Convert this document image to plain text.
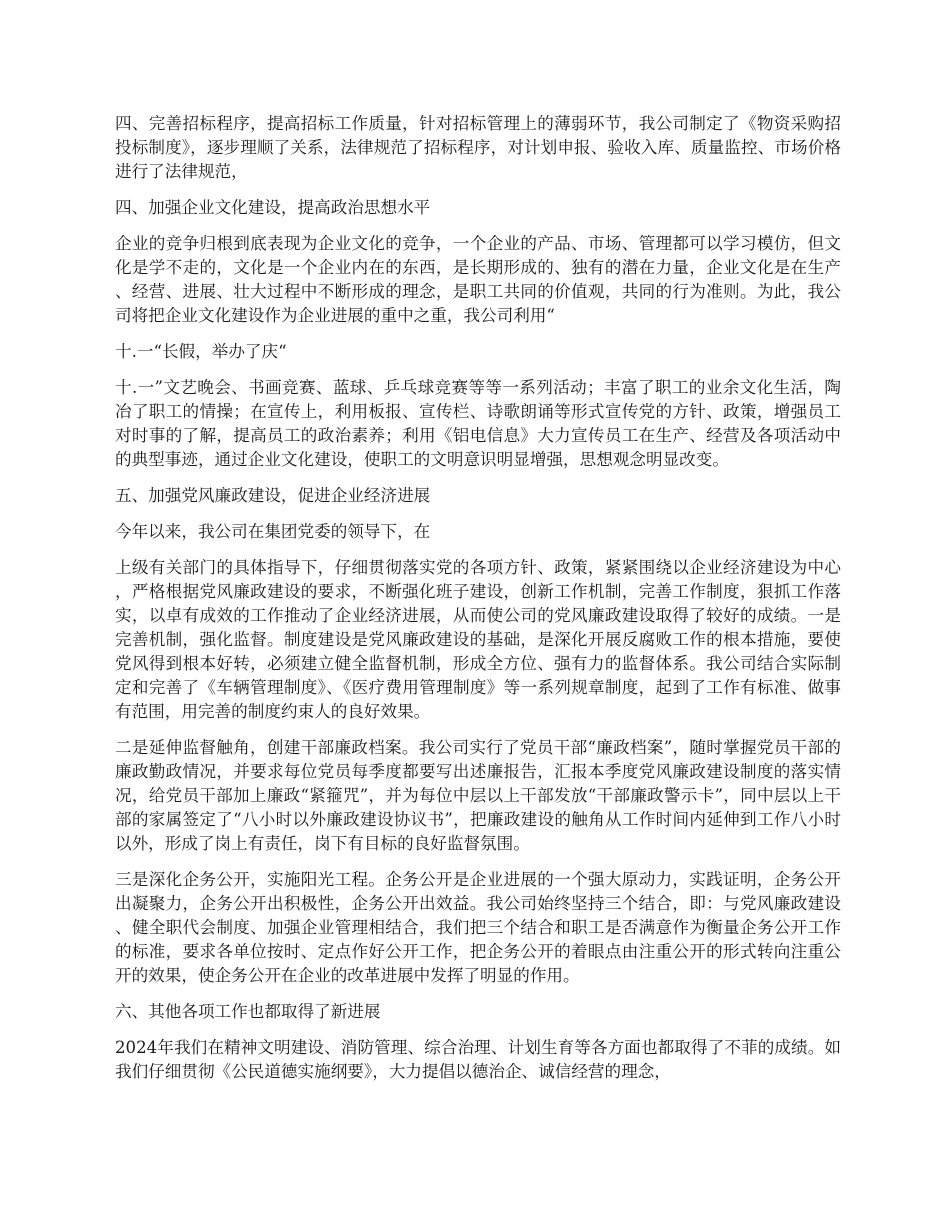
四、完善招标程序，提高招标工作质量，针对招标管理上的薄弱环节，我公司制定了《物资采购招投标制度》，逐步理顺了关系，法律规范了招标程序，对计划申报、验收入库、质量监控、市场价格进行了法律规范，

四、加强企业文化建设，提高政治思想水平

企业的竞争归根到底表现为企业文化的竞争，一个企业的产品、市场、管理都可以学习模仿，但文化是学不走的，文化是一个企业内在的东西，是长期形成的、独有的潜在力量，企业文化是在生产、经营、进展、壮大过程中不断形成的理念，是职工共同的价值观，共同的行为准则。为此，我公司将把企业文化建设作为企业进展的重中之重，我公司利用“

十.一“长假，举办了庆“

十.一”文艺晚会、书画竞赛、蓝球、乒乓球竞赛等等一系列活动；丰富了职工的业余文化生活，陶冶了职工的情操；在宣传上，利用板报、宣传栏、诗歌朗诵等形式宣传党的方针、政策，增强员工对时事的了解，提高员工的政治素养；利用《铝电信息》大力宣传员工在生产、经营及各项活动中的典型事迹，通过企业文化建设，使职工的文明意识明显增强，思想观念明显改变。

五、加强党风廉政建设，促进企业经济进展

今年以来，我公司在集团党委的领导下，在

上级有关部门的具体指导下，仔细贯彻落实党的各项方针、政策，紧紧围绕以企业经济建设为中心，严格根据党风廉政建设的要求，不断强化班子建设，创新工作机制，完善工作制度，狠抓工作落实，以卓有成效的工作推动了企业经济进展，从而使公司的党风廉政建设取得了较好的成绩。一是完善机制，强化监督。制度建设是党风廉政建设的基础，是深化开展反腐败工作的根本措施，要使党风得到根本好转，必须建立健全监督机制，形成全方位、强有力的监督体系。我公司结合实际制定和完善了《车辆管理制度》、《医疗费用管理制度》等一系列规章制度，起到了工作有标准、做事有范围，用完善的制度约束人的良好效果。

二是延伸监督触角，创建干部廉政档案。我公司实行了党员干部“廉政档案”，随时掌握党员干部的廉政勤政情况，并要求每位党员每季度都要写出述廉报告，汇报本季度党风廉政建设制度的落实情况，给党员干部加上廉政“紧箍咒”，并为每位中层以上干部发放“干部廉政警示卡”，同中层以上干部的家属签定了“八小时以外廉政建设协议书”，把廉政建设的触角从工作时间内延伸到工作八小时以外，形成了岗上有责任，岗下有目标的良好监督氛围。

三是深化企务公开，实施阳光工程。企务公开是企业进展的一个强大原动力，实践证明，企务公开出凝聚力，企务公开出积极性，企务公开出效益。我公司始终坚持三个结合，即：与党风廉政建设、健全职代会制度、加强企业管理相结合，我们把三个结合和职工是否满意作为衡量企务公开工作的标准，要求各单位按时、定点作好公开工作，把企务公开的着眼点由注重公开的形式转向注重公开的效果，使企务公开在企业的改革进展中发挥了明显的作用。

六、其他各项工作也都取得了新进展

2024年我们在精神文明建设、消防管理、综合治理、计划生育等各方面也都取得了不菲的成绩。如我们仔细贯彻《公民道德实施纲要》，大力提倡以德治企、诚信经营的理念，
